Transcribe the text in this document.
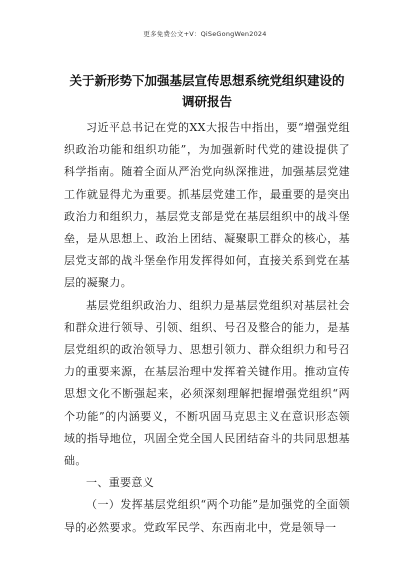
更多免费公文+V：QiSeGongWen2024
关于新形势下加强基层宣传思想系统党组织建设的调研报告

习近平总书记在党的XX大报告中指出，要“增强党组织政治功能和组织功能”，为加强新时代党的建设提供了科学指南。随着全面从严治党向纵深推进，加强基层党建工作就显得尤为重要。抓基层党建工作，最重要的是突出政治力和组织力，基层党支部是党在基层组织中的战斗堡垒，是从思想上、政治上团结、凝聚职工群众的核心，基层党支部的战斗堡垒作用发挥得如何，直接关系到党在基层的凝聚力。

基层党组织政治力、组织力是基层党组织对基层社会和群众进行领导、引领、组织、号召及整合的能力，是基层党组织的政治领导力、思想引领力、群众组织力和号召力的重要来源，在基层治理中发挥着关键作用。推动宣传思想文化不断强起来，必须深刻理解把握增强党组织“两个功能”的内涵要义，不断巩固马克思主义在意识形态领域的指导地位，巩固全党全国人民团结奋斗的共同思想基础。

一、重要意义

（一）发挥基层党组织“两个功能”是加强党的全面领导的必然要求。党政军民学、东西南北中，党是领导一
